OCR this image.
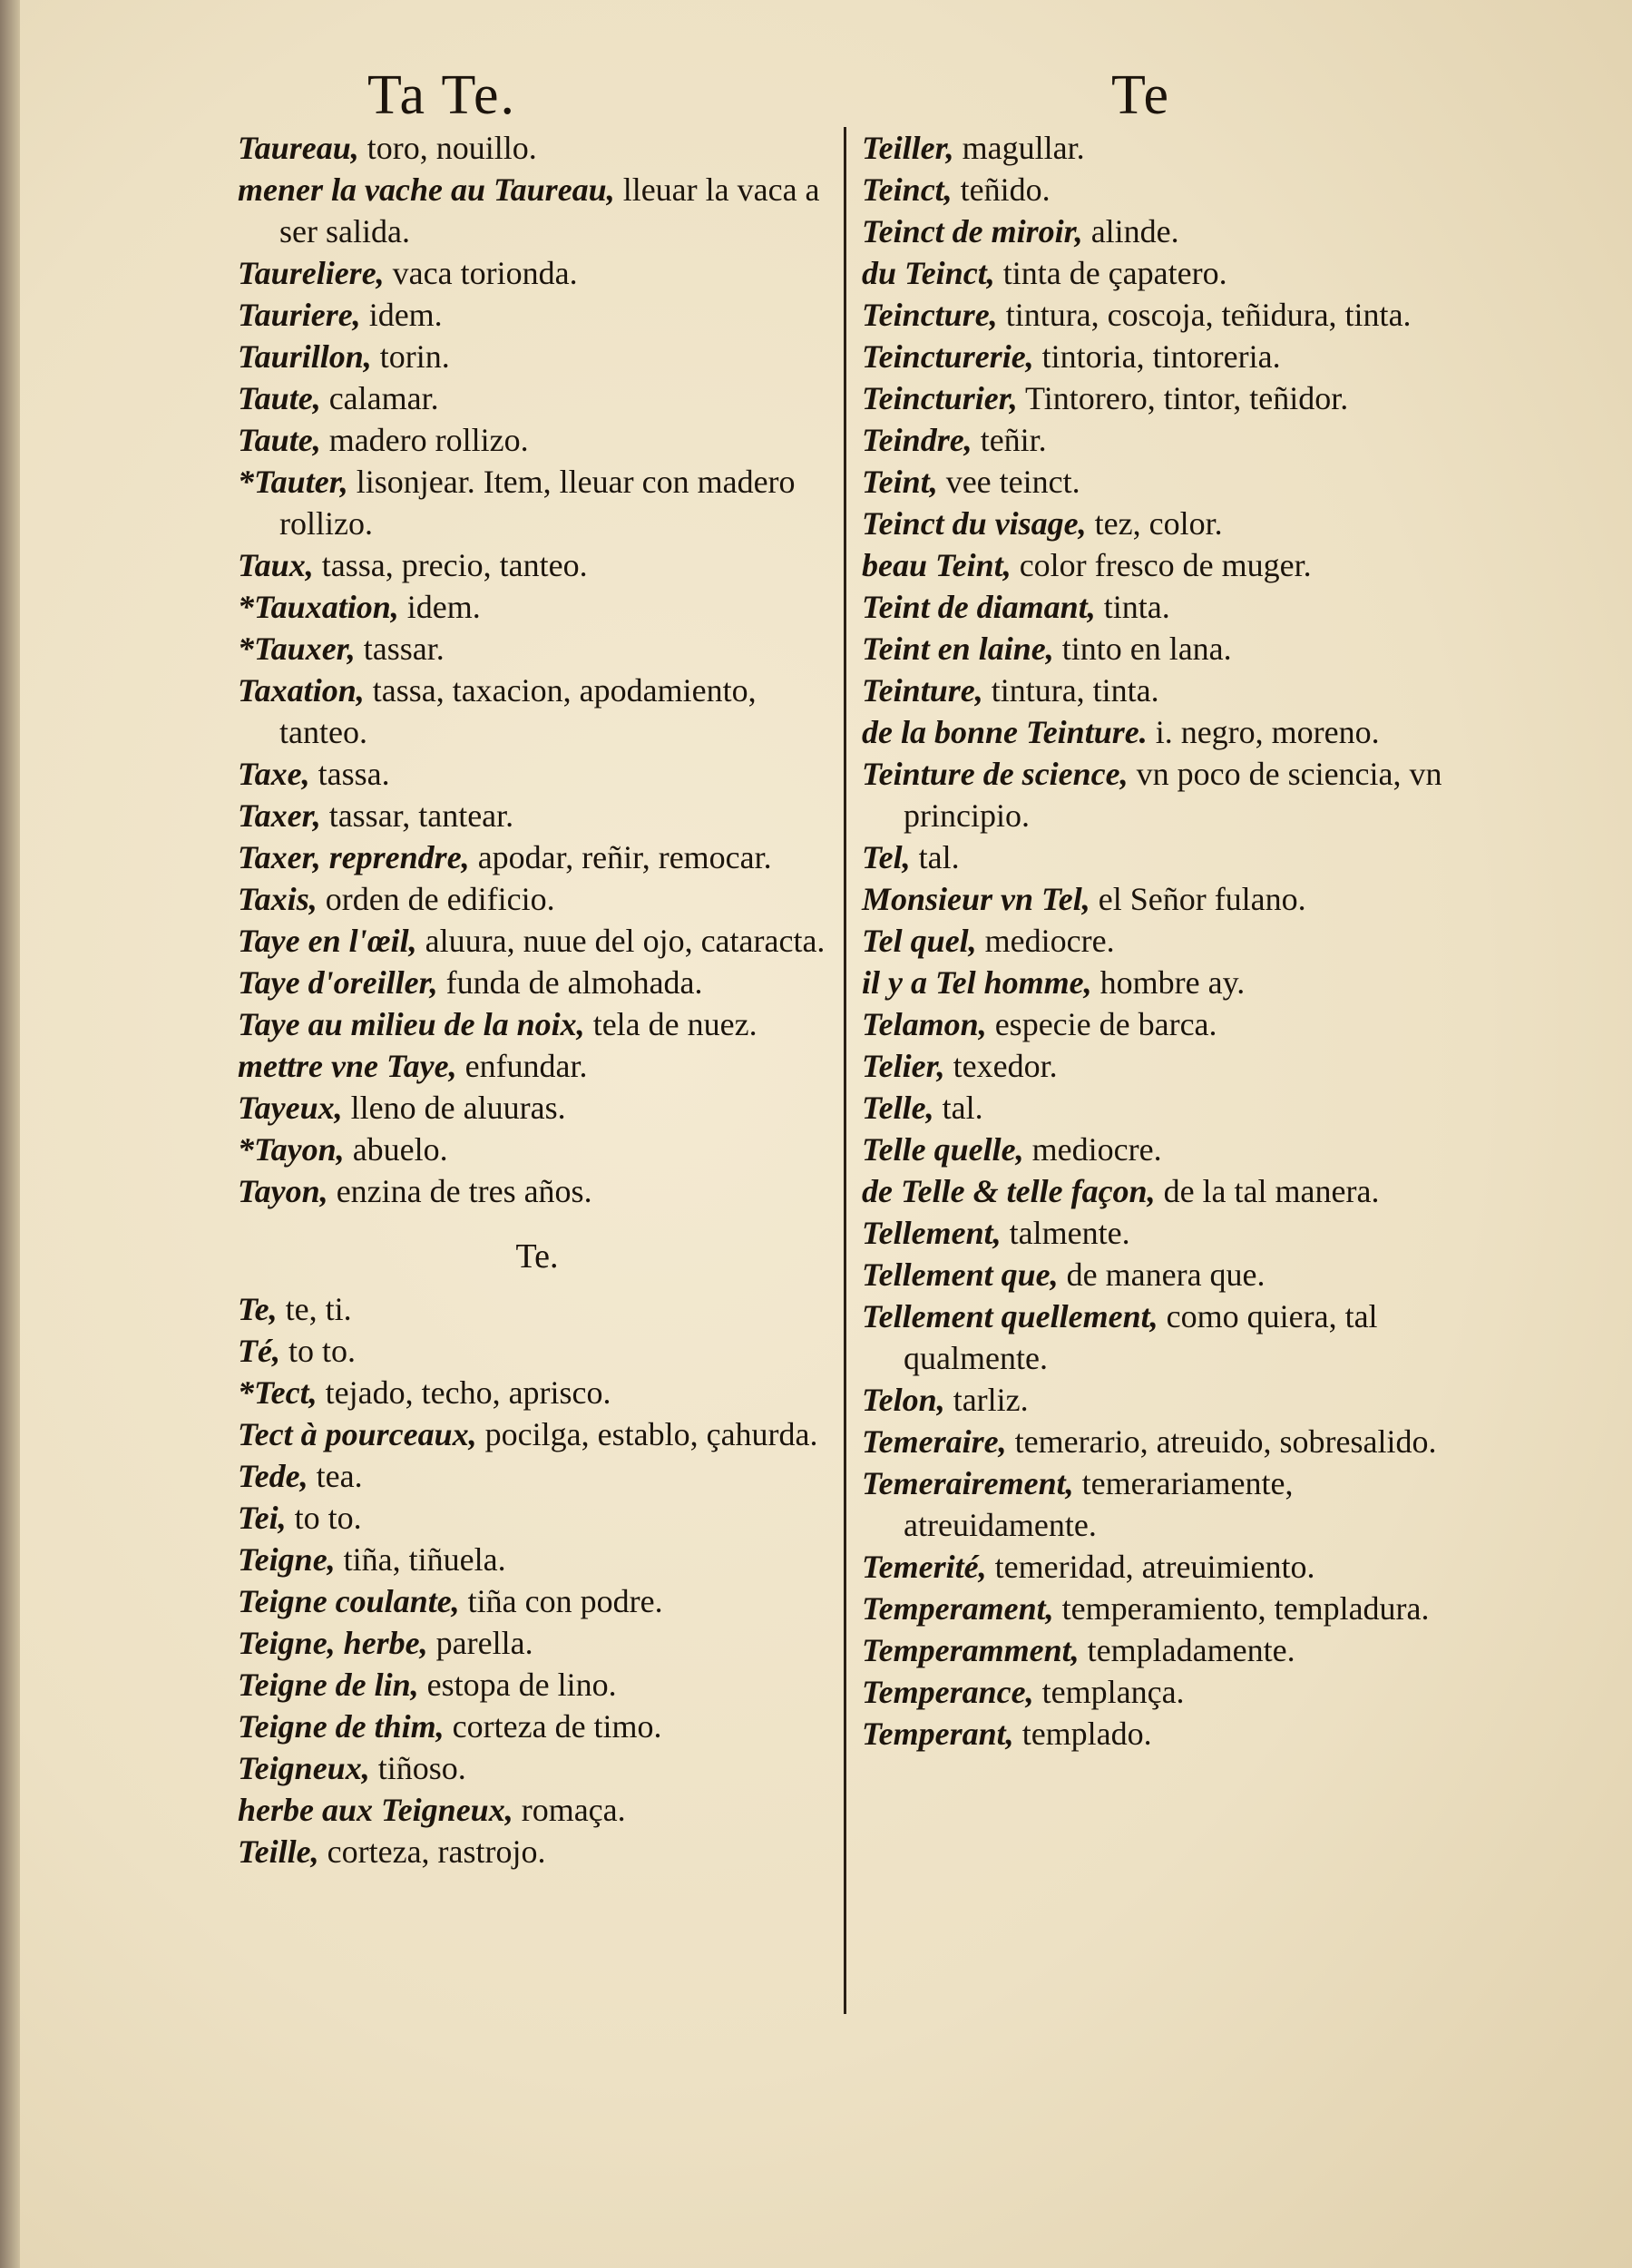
Ta Te.	Te

Taureau, toro, nouillo.

mener la vache au Taureau, lleuar la vaca a ser salida.

Taureliere, vaca torionda.

Tauriere, idem.

Taurillon, torin.

Taute, calamar.

Taute, madero rollizo.

*Tauter, lisonjear. Item, lleuar con madero rollizo.

Taux, tassa, precio, tanteo.

*Tauxation, idem.

*Tauxer, tassar.

Taxation, tassa, taxacion, apodamiento, tanteo.

Taxe, tassa.

Taxer, tassar, tantear.

Taxer, reprendre, apodar, reñir, remocar.

Taxis, orden de edificio.

Taye en l'œil, aluura, nuue del ojo, cataracta.

Taye d'oreiller, funda de almohada.

Taye au milieu de la noix, tela de nuez.

mettre vne Taye, enfundar.

Tayeux, lleno de aluuras.

*Tayon, abuelo.

Tayon, enzina de tres años.

Te.

Te, te, ti.

Té, to to.

*Tect, tejado, techo, aprisco.

Tect à pourceaux, pocilga, establo, çahurda.

Tede, tea.

Tei, to to.

Teigne, tiña, tiñuela.

Teigne coulante, tiña con podre.

Teigne, herbe, parella.

Teigne de lin, estopa de lino.

Teigne de thim, corteza de timo.

Teigneux, tiñoso.

herbe aux Teigneux, romaça.

Teille, corteza, rastrojo.

Teiller, magullar.

Teinct, teñido.

Teinct de miroir, alinde.

du Teinct, tinta de çapatero.

Teincture, tintura, coscoja, teñidura, tinta.

Teincturerie, tintoria, tintoreria.

Teincturier, Tintorero, tintor, teñidor.

Teindre, teñir.

Teint, vee teinct.

Teinct du visage, tez, color.

beau Teint, color fresco de muger.

Teint de diamant, tinta.

Teint en laine, tinto en lana.

Teinture, tintura, tinta.

de la bonne Teinture. i. negro, moreno.

Teinture de science, vn poco de sciencia, vn principio.

Tel, tal.

Monsieur vn Tel, el Señor fulano.

Tel quel, mediocre.

il y a Tel homme, hombre ay.

Telamon, especie de barca.

Telier, texedor.

Telle, tal.

Telle quelle, mediocre.

de Telle & telle façon, de la tal manera.

Tellement, talmente.

Tellement que, de manera que.

Tellement quellement, como quiera, tal qualmente.

Telon, tarliz.

Temeraire, temerario, atreuido, sobresalido.

Temerairement, temerariamente, atreuidamente.

Temerité, temeridad, atreuimiento.

Temperament, temperamiento, templadura.

Temperamment, templadamente.

Temperance, templança.

Temperant, templado.
